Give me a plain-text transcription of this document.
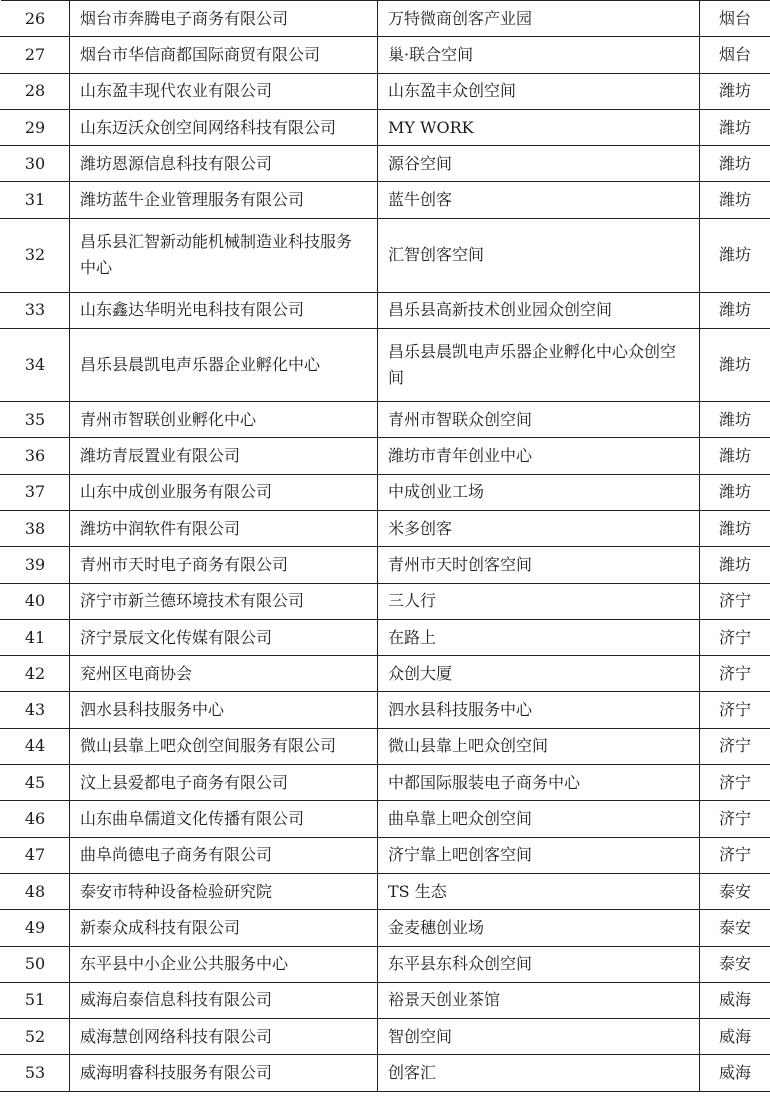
26	烟台市奔腾电子商务有限公司	万特微商创客产业园	烟台
27	烟台市华信商都国际商贸有限公司	巢·联合空间	烟台
28	山东盈丰现代农业有限公司	山东盈丰众创空间	潍坊
29	山东迈沃众创空间网络科技有限公司	MY WORK	潍坊
30	潍坊恩源信息科技有限公司	源谷空间	潍坊
31	潍坊蓝牛企业管理服务有限公司	蓝牛创客	潍坊
32	昌乐县汇智新动能机械制造业科技服务中心	汇智创客空间	潍坊
33	山东鑫达华明光电科技有限公司	昌乐县高新技术创业园众创空间	潍坊
34	昌乐县晨凯电声乐器企业孵化中心	昌乐县晨凯电声乐器企业孵化中心众创空间	潍坊
35	青州市智联创业孵化中心	青州市智联众创空间	潍坊
36	潍坊青辰置业有限公司	潍坊市青年创业中心	潍坊
37	山东中成创业服务有限公司	中成创业工场	潍坊
38	潍坊中润软件有限公司	米多创客	潍坊
39	青州市天时电子商务有限公司	青州市天时创客空间	潍坊
40	济宁市新兰德环境技术有限公司	三人行	济宁
41	济宁景辰文化传媒有限公司	在路上	济宁
42	兖州区电商协会	众创大厦	济宁
43	泗水县科技服务中心	泗水县科技服务中心	济宁
44	微山县靠上吧众创空间服务有限公司	微山县靠上吧众创空间	济宁
45	汶上县爱都电子商务有限公司	中都国际服装电子商务中心	济宁
46	山东曲阜儒道文化传播有限公司	曲阜靠上吧众创空间	济宁
47	曲阜尚德电子商务有限公司	济宁靠上吧创客空间	济宁
48	泰安市特种设备检验研究院	TS 生态	泰安
49	新泰众成科技有限公司	金麦穗创业场	泰安
50	东平县中小企业公共服务中心	东平县东科众创空间	泰安
51	威海启泰信息科技有限公司	裕景天创业茶馆	威海
52	威海慧创网络科技有限公司	智创空间	威海
53	威海明睿科技服务有限公司	创客汇	威海
